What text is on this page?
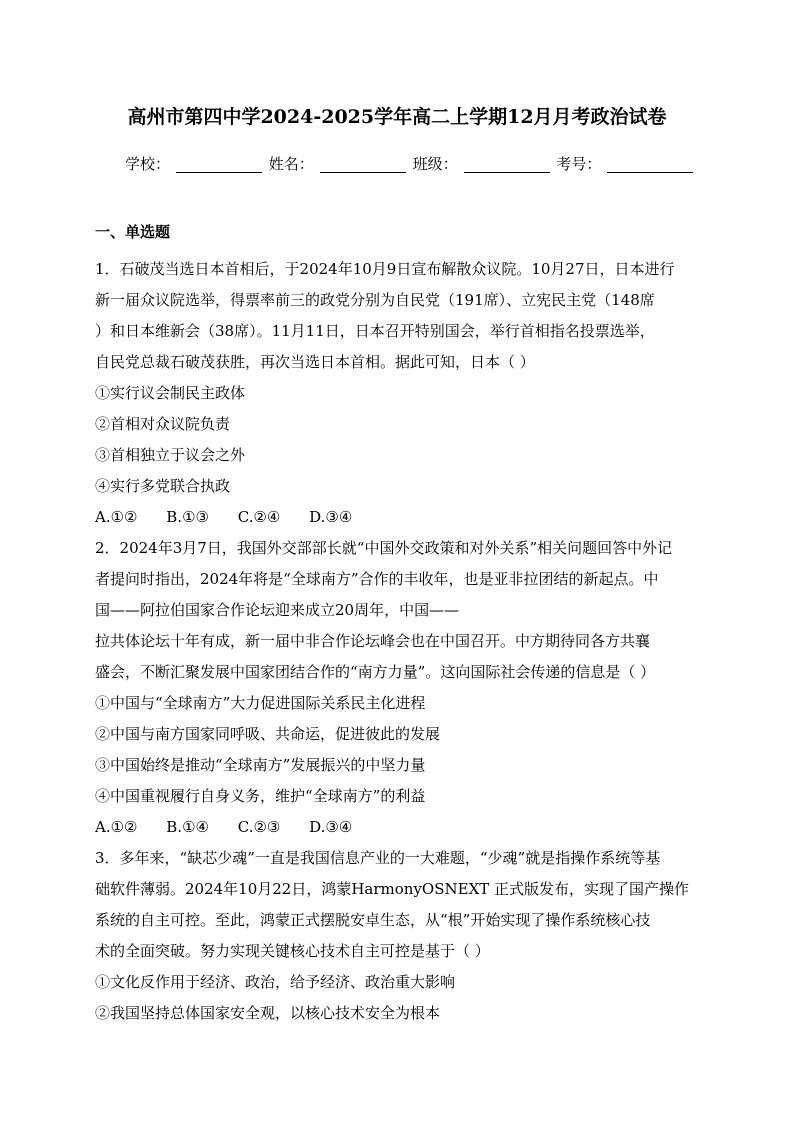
高州市第四中学2024-2025学年高二上学期12月月考政治试卷
学校：	姓名：	班级：	考号：
一、单选题
1．石破茂当选日本首相后，于2024年10月9日宣布解散众议院。10月27日，日本进行
新一届众议院选举，得票率前三的政党分别为自民党（191席）、立宪民主党（148席
）和日本维新会（38席）。11月11日，日本召开特别国会，举行首相指名投票选举，
自民党总裁石破茂获胜，再次当选日本首相。据此可知，日本（ ）
①实行议会制民主政体
②首相对众议院负责
③首相独立于议会之外
④实行多党联合执政
A.①② B.①③ C.②④ D.③④
2．2024年3月7日，我国外交部部长就“中国外交政策和对外关系”相关问题回答中外记
者提问时指出，2024年将是“全球南方”合作的丰收年，也是亚非拉团结的新起点。中
国——阿拉伯国家合作论坛迎来成立20周年，中国——
拉共体论坛十年有成，新一届中非合作论坛峰会也在中国召开。中方期待同各方共襄
盛会，不断汇聚发展中国家团结合作的“南方力量”。这向国际社会传递的信息是（ ）
①中国与“全球南方”大力促进国际关系民主化进程
②中国与南方国家同呼吸、共命运，促进彼此的发展
③中国始终是推动“全球南方”发展振兴的中坚力量
④中国重视履行自身义务，维护“全球南方”的利益
A.①② B.①④ C.②③ D.③④
3．多年来，“缺芯少魂”一直是我国信息产业的一大难题，“少魂”就是指操作系统等基
础软件薄弱。2024年10月22日，鸿蒙HarmonyOSNEXT 正式版发布，实现了国产操作
系统的自主可控。至此，鸿蒙正式摆脱安卓生态，从“根”开始实现了操作系统核心技
术的全面突破。努力实现关键核心技术自主可控是基于（ ）
①文化反作用于经济、政治，给予经济、政治重大影响
②我国坚持总体国家安全观，以核心技术安全为根本
